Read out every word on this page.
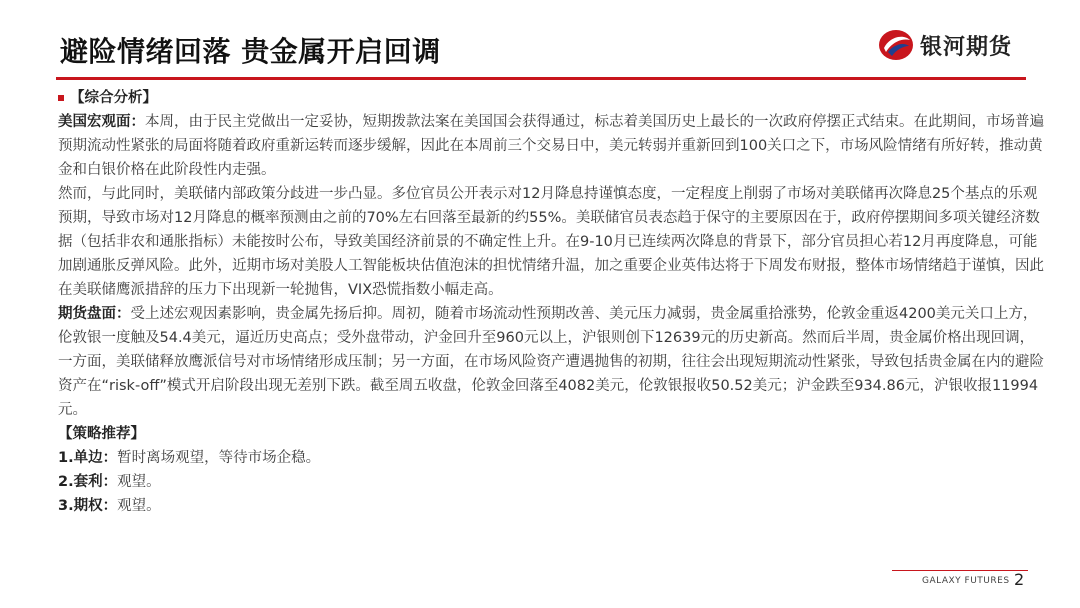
避险情绪回落 贵金属开启回调	银河期货

【综合分析】

美国宏观面：本周，由于民主党做出一定妥协，短期拨款法案在美国国会获得通过，标志着美国历史上最长的一次政府停摆正式结束。在此期间，市场普遍预期流动性紧张的局面将随着政府重新运转而逐步缓解，因此在本周前三个交易日中，美元转弱并重新回到100关口之下，市场风险情绪有所好转，推动黄金和白银价格在此阶段性内走强。

然而，与此同时，美联储内部政策分歧进一步凸显。多位官员公开表示对12月降息持谨慎态度，一定程度上削弱了市场对美联储再次降息25个基点的乐观预期，导致市场对12月降息的概率预测由之前的70%左右回落至最新的约55%。美联储官员表态趋于保守的主要原因在于，政府停摆期间多项关键经济数据（包括非农和通胀指标）未能按时公布，导致美国经济前景的不确定性上升。在9-10月已连续两次降息的背景下，部分官员担心若12月再度降息，可能加剧通胀反弹风险。此外，近期市场对美股人工智能板块估值泡沫的担忧情绪升温，加之重要企业英伟达将于下周发布财报，整体市场情绪趋于谨慎，因此在美联储鹰派措辞的压力下出现新一轮抛售，VIX恐慌指数小幅走高。

期货盘面：受上述宏观因素影响，贵金属先扬后抑。周初，随着市场流动性预期改善、美元压力减弱，贵金属重拾涨势，伦敦金重返4200美元关口上方，伦敦银一度触及54.4美元，逼近历史高点；受外盘带动，沪金回升至960元以上，沪银则创下12639元的历史新高。然而后半周，贵金属价格出现回调，一方面，美联储释放鹰派信号对市场情绪形成压制；另一方面，在市场风险资产遭遇抛售的初期，往往会出现短期流动性紧张，导致包括贵金属在内的避险资产在“risk-off”模式开启阶段出现无差别下跌。截至周五收盘，伦敦金回落至4082美元，伦敦银报收50.52美元；沪金跌至934.86元，沪银收报11994元。

【策略推荐】

1.单边：暂时离场观望，等待市场企稳。

2.套利：观望。

3.期权：观望。

GALAXY FUTURES 2
